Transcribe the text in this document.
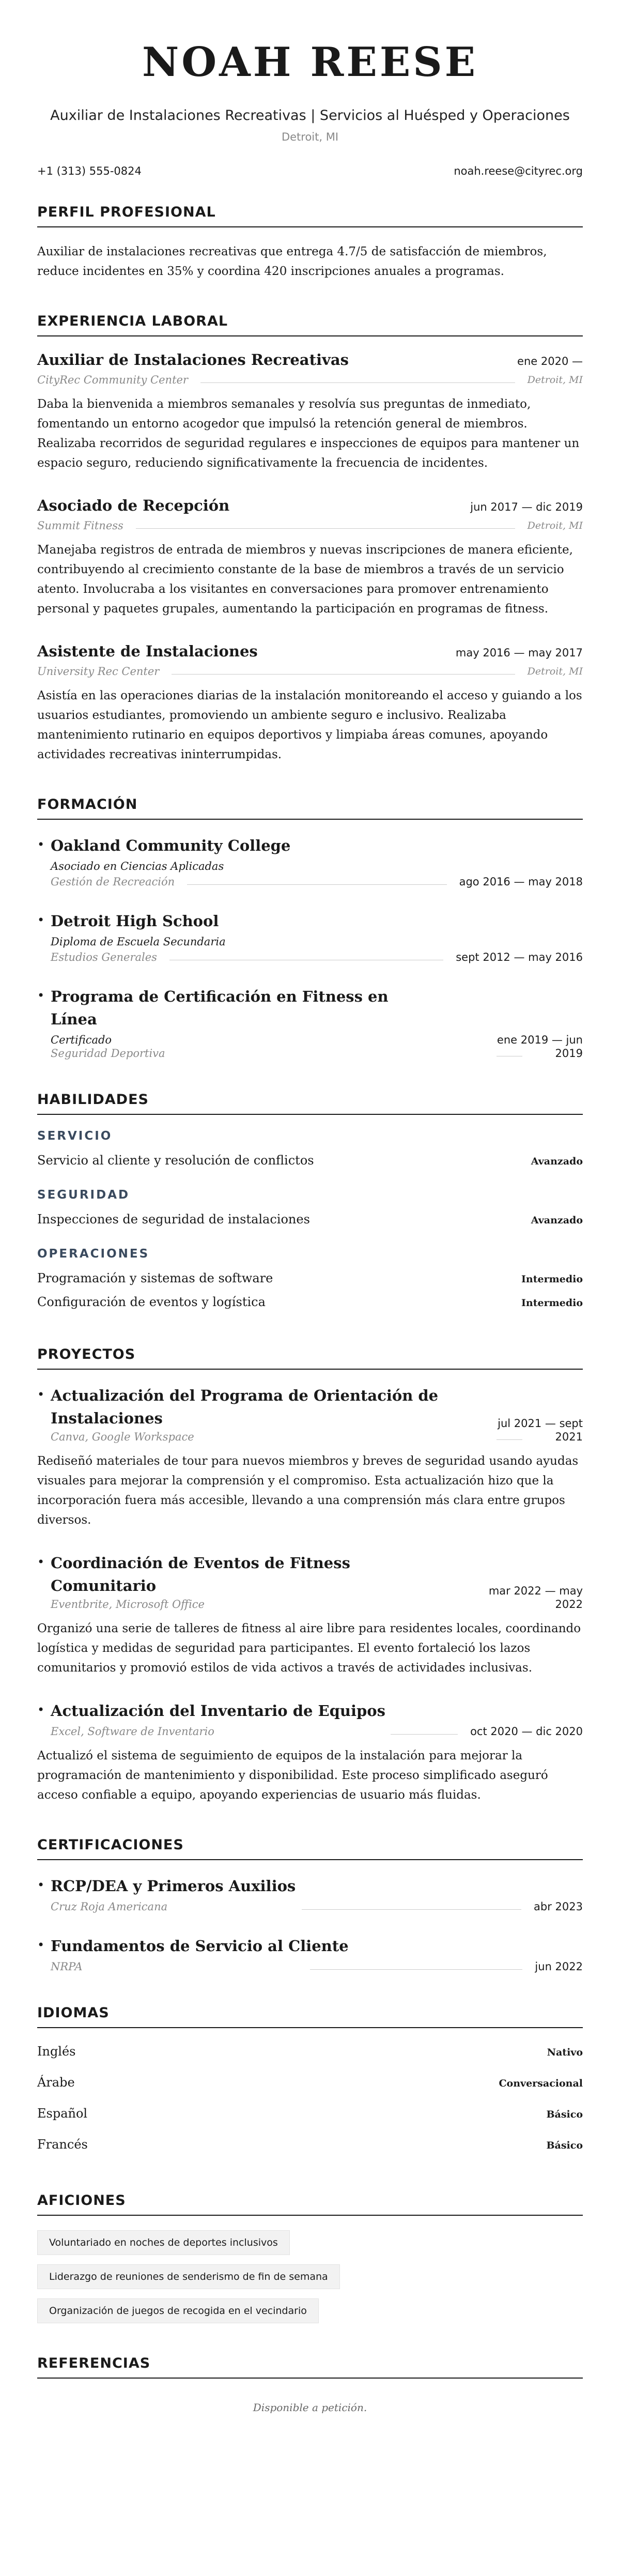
NOAH REESE
Auxiliar de Instalaciones Recreativas | Servicios al Huésped y Operaciones
Detroit, MI
+1 (313) 555-0824	noah.reese@cityrec.org
PERFIL PROFESIONAL

Auxiliar de instalaciones recreativas que entrega 4.7/5 de satisfacción de miembros, reduce incidentes en 35% y coordina 420 inscripciones anuales a programas.

EXPERIENCIA LABORAL
Auxiliar de Instalaciones Recreativas	ene 2020 —
CityRec Community Center	Detroit, MI
Daba la bienvenida a miembros semanales y resolvía sus preguntas de inmediato, fomentando un entorno acogedor que impulsó la retención general de miembros. Realizaba recorridos de seguridad regulares e inspecciones de equipos para mantener un espacio seguro, reduciendo significativamente la frecuencia de incidentes.
Asociado de Recepción	jun 2017 — dic 2019
Summit Fitness	Detroit, MI
Manejaba registros de entrada de miembros y nuevas inscripciones de manera eficiente, contribuyendo al crecimiento constante de la base de miembros a través de un servicio atento. Involucraba a los visitantes en conversaciones para promover entrenamiento personal y paquetes grupales, aumentando la participación en programas de fitness.
Asistente de Instalaciones	may 2016 — may 2017
University Rec Center	Detroit, MI
Asistía en las operaciones diarias de la instalación monitoreando el acceso y guiando a los usuarios estudiantes, promoviendo un ambiente seguro e inclusivo. Realizaba mantenimiento rutinario en equipos deportivos y limpiaba áreas comunes, apoyando actividades recreativas ininterrumpidas.
FORMACIÓN
• Oakland Community College
Asociado en Ciencias Aplicadas
Gestión de Recreación	ago 2016 — may 2018
• Detroit High School
Diploma de Escuela Secundaria
Estudios Generales	sept 2012 — may 2016
• Programa de Certificación en Fitness en Línea
Certificado	ene 2019 — jun
Seguridad Deportiva	2019
HABILIDADES
SERVICIO
Servicio al cliente y resolución de conflictos	Avanzado
SEGURIDAD
Inspecciones de seguridad de instalaciones	Avanzado
OPERACIONES
Programación y sistemas de software	Intermedio
Configuración de eventos y logística	Intermedio
PROYECTOS
• Actualización del Programa de Orientación de Instalaciones	jul 2021 — sept
Canva, Google Workspace	2021
Rediseñó materiales de tour para nuevos miembros y breves de seguridad usando ayudas visuales para mejorar la comprensión y el compromiso. Esta actualización hizo que la incorporación fuera más accesible, llevando a una comprensión más clara entre grupos diversos.
• Coordinación de Eventos de Fitness Comunitario	mar 2022 — may
Eventbrite, Microsoft Office	2022
Organizó una serie de talleres de fitness al aire libre para residentes locales, coordinando logística y medidas de seguridad para participantes. El evento fortaleció los lazos comunitarios y promovió estilos de vida activos a través de actividades inclusivas.
• Actualización del Inventario de Equipos
Excel, Software de Inventario	oct 2020 — dic 2020
Actualizó el sistema de seguimiento de equipos de la instalación para mejorar la programación de mantenimiento y disponibilidad. Este proceso simplificado aseguró acceso confiable a equipo, apoyando experiencias de usuario más fluidas.
CERTIFICACIONES
• RCP/DEA y Primeros Auxilios
Cruz Roja Americana	abr 2023
• Fundamentos de Servicio al Cliente
NRPA	jun 2022
IDIOMAS
Inglés	Nativo
Árabe	Conversacional
Español	Básico
Francés	Básico
AFICIONES
Voluntariado en noches de deportes inclusivos
Liderazgo de reuniones de senderismo de fin de semana
Organización de juegos de recogida en el vecindario
REFERENCIAS
Disponible a petición.
